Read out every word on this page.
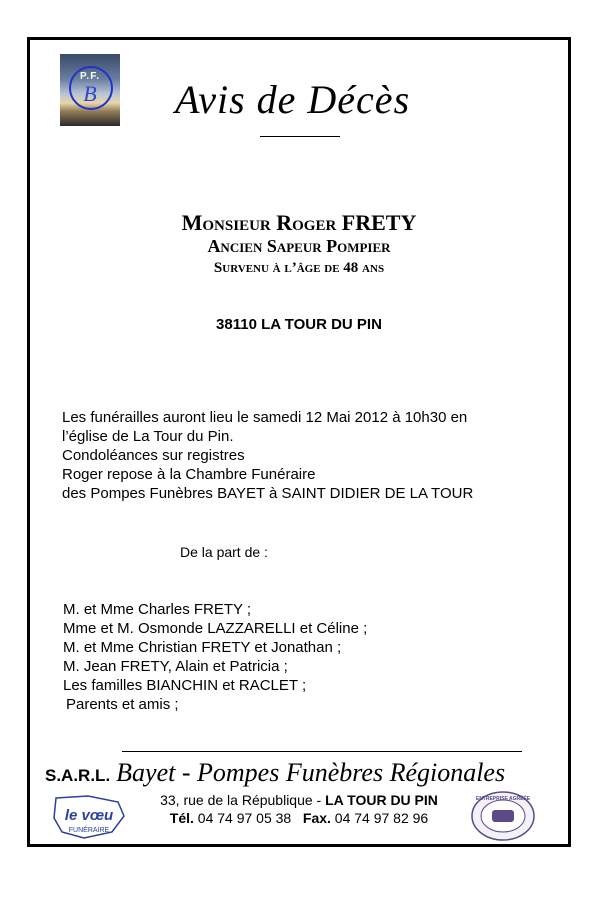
P.F.
B	Avis de Décès
Monsieur Roger FRETY
Ancien Sapeur Pompier
Survenu à l’âge de 48 ans
38110 LA TOUR DU PIN
Les funérailles auront lieu le samedi 12 Mai 2012 à 10h30 en
l’église de La Tour du Pin.
Condoléances sur registres
Roger repose à la Chambre Funéraire
des Pompes Funèbres BAYET à SAINT DIDIER DE LA TOUR
De la part de :
M. et Mme Charles FRETY ;
Mme et M. Osmonde LAZZARELLI et Céline ;
M. et Mme Christian FRETY et Jonathan ;
M. Jean FRETY, Alain et Patricia ;
Les familles BIANCHIN et RACLET ;
Parents et amis ;
S.A.R.L. Bayet - Pompes Funèbres Régionales
le vœu
FUNÉRAIRE
33, rue de la République - LA TOUR DU PIN
Tél. 04 74 97 05 38 Fax. 04 74 97 82 96
ENTREPRISE AGRÉÉE
